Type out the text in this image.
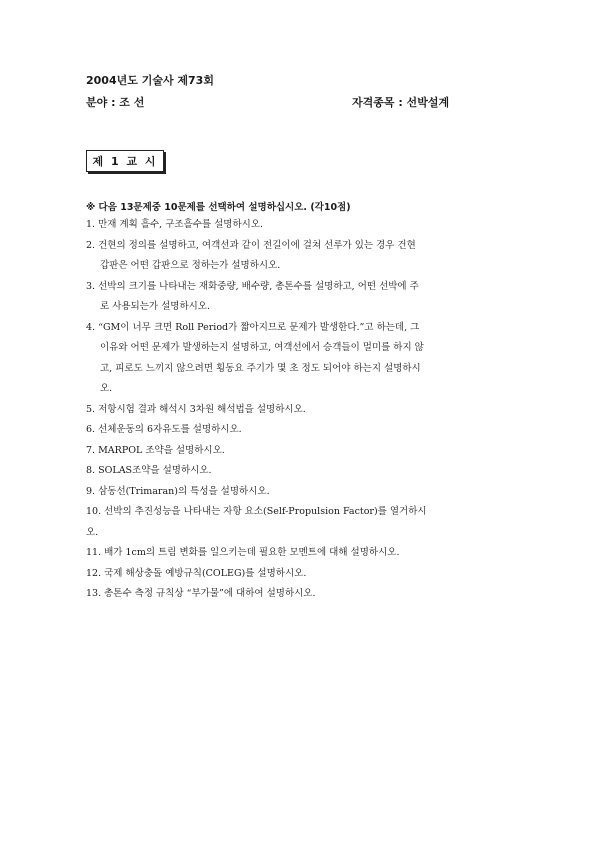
2004년도 기술사 제73회
분야 : 조 선	자격종목 : 선박설계
제 1 교 시
※ 다음 13문제중 10문제를 선택하여 설명하십시오. (각10점)
1. 만재 계획 흘수, 구조흘수를 설명하시오.
2. 건현의 정의를 설명하고, 여객선과 같이 전길이에 걸쳐 선루가 있는 경우 건현
갑판은 어떤 갑판으로 정하는가 설명하시오.
3. 선박의 크기를 나타내는 재화중량, 배수량, 총톤수를 설명하고, 어떤 선박에 주
로 사용되는가 설명하시오.
4. “GM이 너무 크면 Roll Period가 짧아지므로 문제가 발생한다.”고 하는데, 그
이유와 어떤 문제가 발생하는지 설명하고, 여객선에서 승객들이 멀미를 하지 않
고, 피로도 느끼지 않으려면 횡동요 주기가 몇 초 정도 되어야 하는지 설명하시
오.
5. 저항시험 결과 해석시 3차원 해석법을 설명하시오.
6. 선체운동의 6자유도를 설명하시오.
7. MARPOL 조약을 설명하시오.
8. SOLAS조약을 설명하시오.
9. 삼동선(Trimaran)의 특성을 설명하시오.
10. 선박의 추진성능을 나타내는 자항 요소(Self-Propulsion Factor)를 열거하시
오.
11. 배가 1cm의 트림 변화를 일으키는데 필요한 모멘트에 대해 설명하시오.
12. 국제 해상충돌 예방규칙(COLEG)를 설명하시오.
13. 총톤수 측정 규칙상 “부가물”에 대하여 설명하시오.
